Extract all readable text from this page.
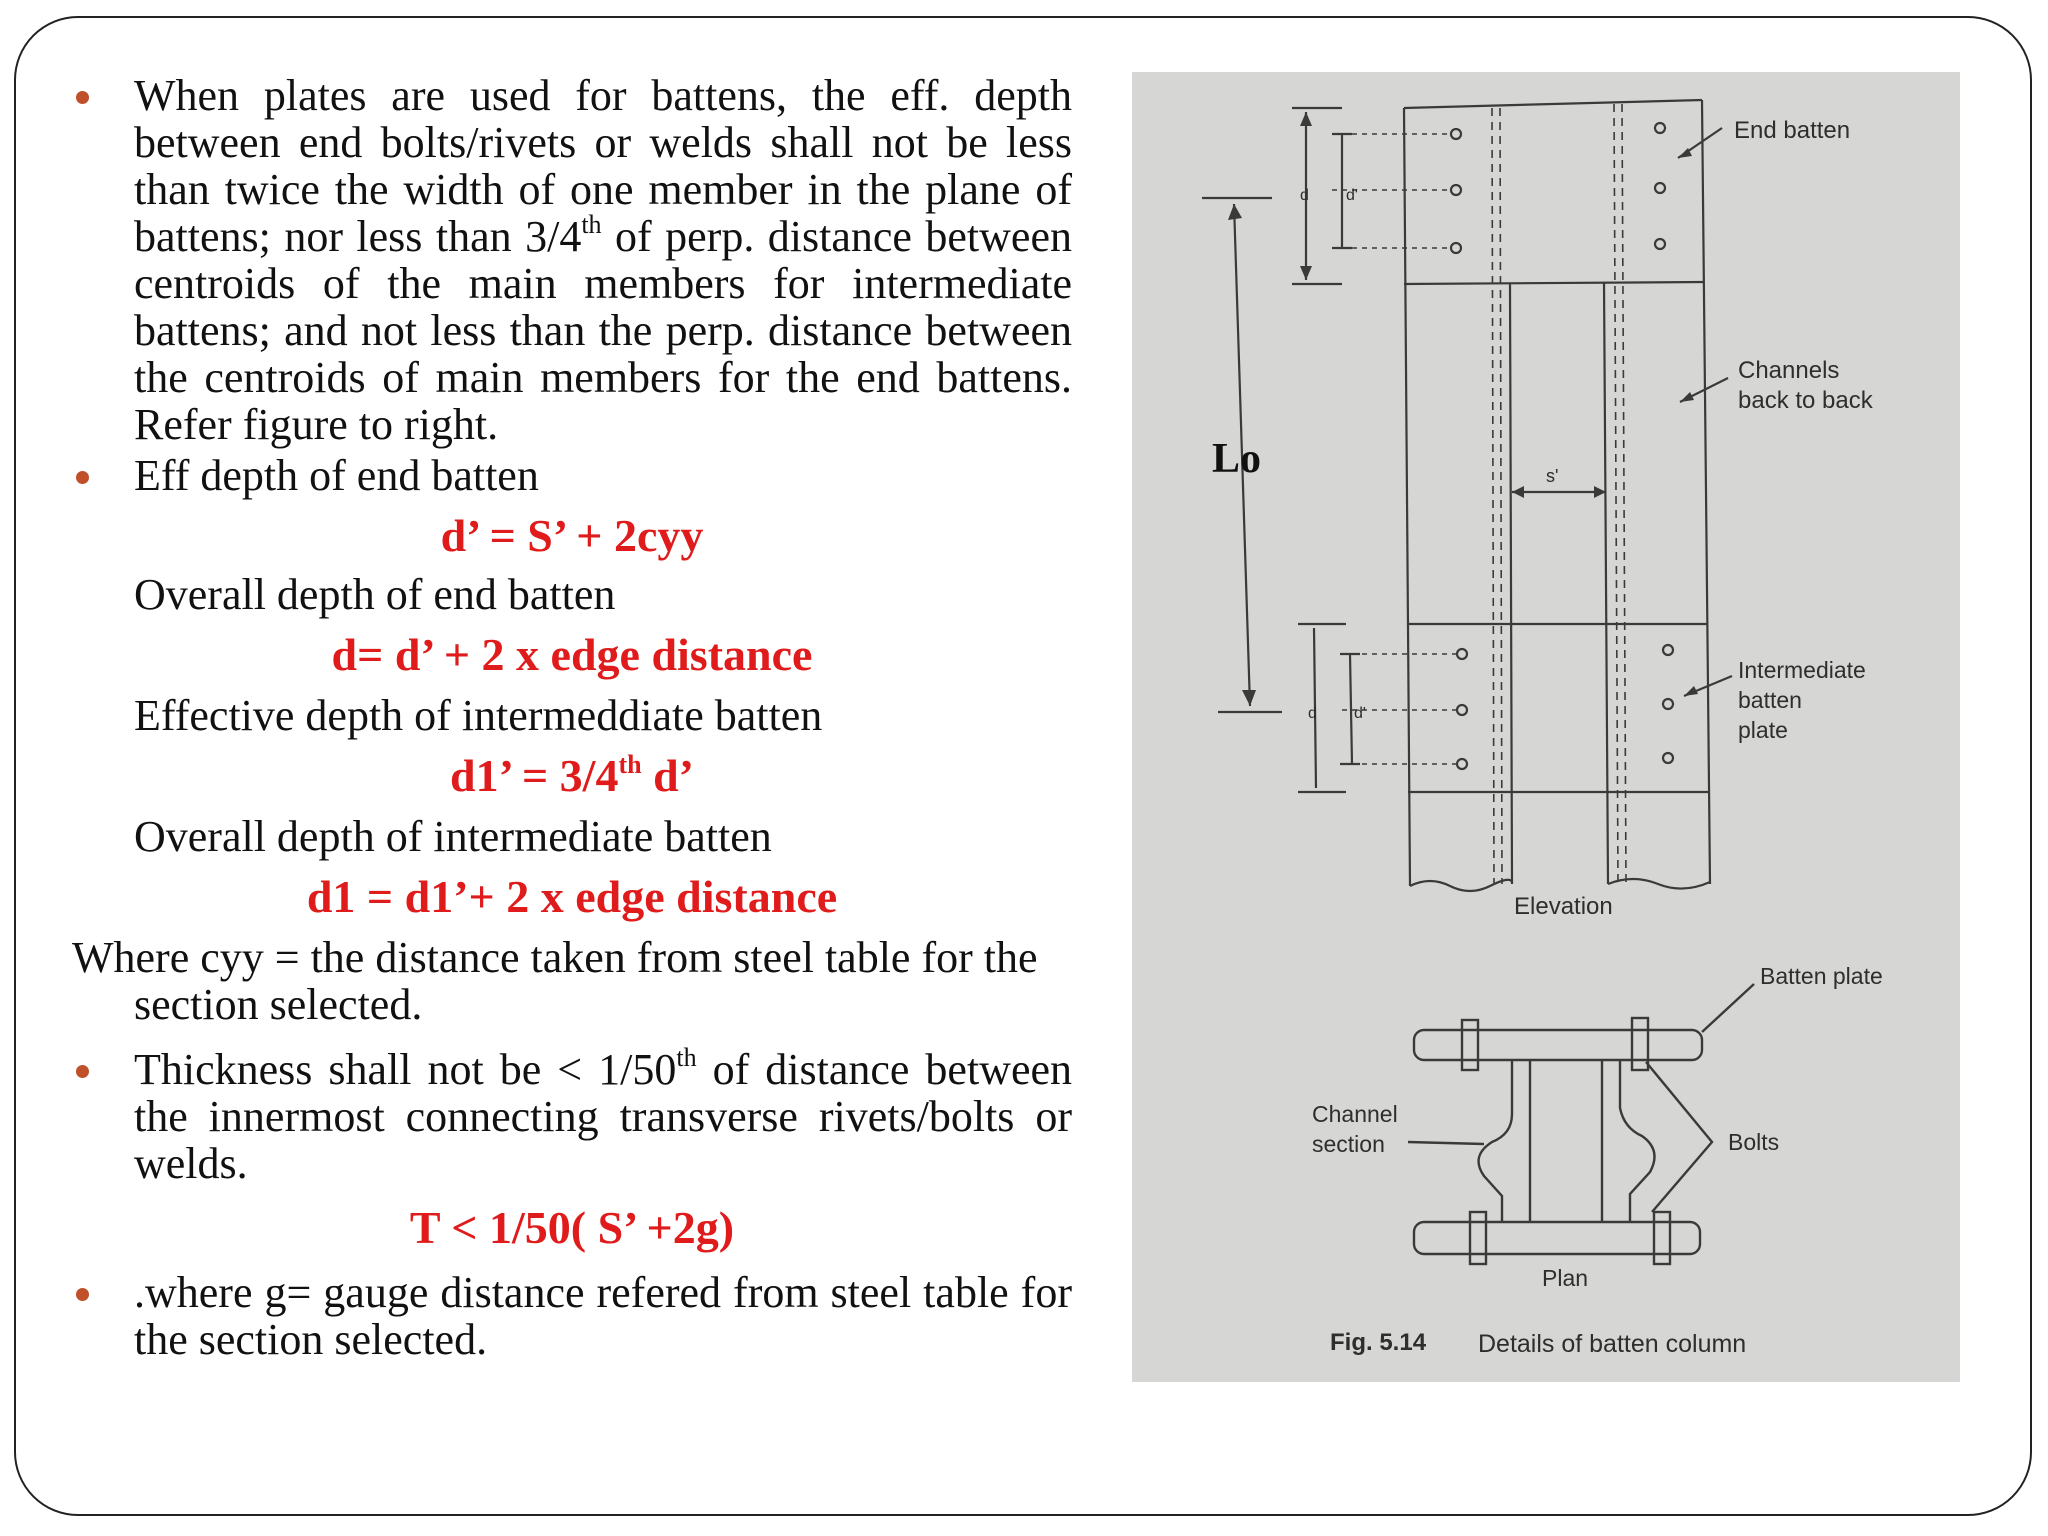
When plates are used for battens, the eff. depth between end bolts/rivets or welds shall not be less than twice the width of one member in the plane of battens; nor less than 3/4th of perp. distance between centroids of the main members for intermediate battens; and not less than the perp. distance between the centroids of main members for the end battens. Refer figure to right.
Eff depth of end batten
d’ = S’ + 2cyy
Overall depth of end batten
d= d’ + 2 x edge distance
Effective depth of intermeddiate batten
d1’ = 3/4th d’
Overall depth of intermediate batten
d1 = d1’+ 2 x edge distance
Where cyy = the distance taken from steel table for the section selected.
Thickness shall not be < 1/50th of distance between the innermost connecting transverse rivets/bolts or welds.
T < 1/50( S’ +2g)
.where g= gauge distance refered from steel table for the section selected.
End batten
Channels
back to back
Lo	s'
Intermediate
batten
plate
d d'
d d'
Elevation
Batten plate
Channel
section	Bolts
Plan
Fig. 5.14 Details of batten column
